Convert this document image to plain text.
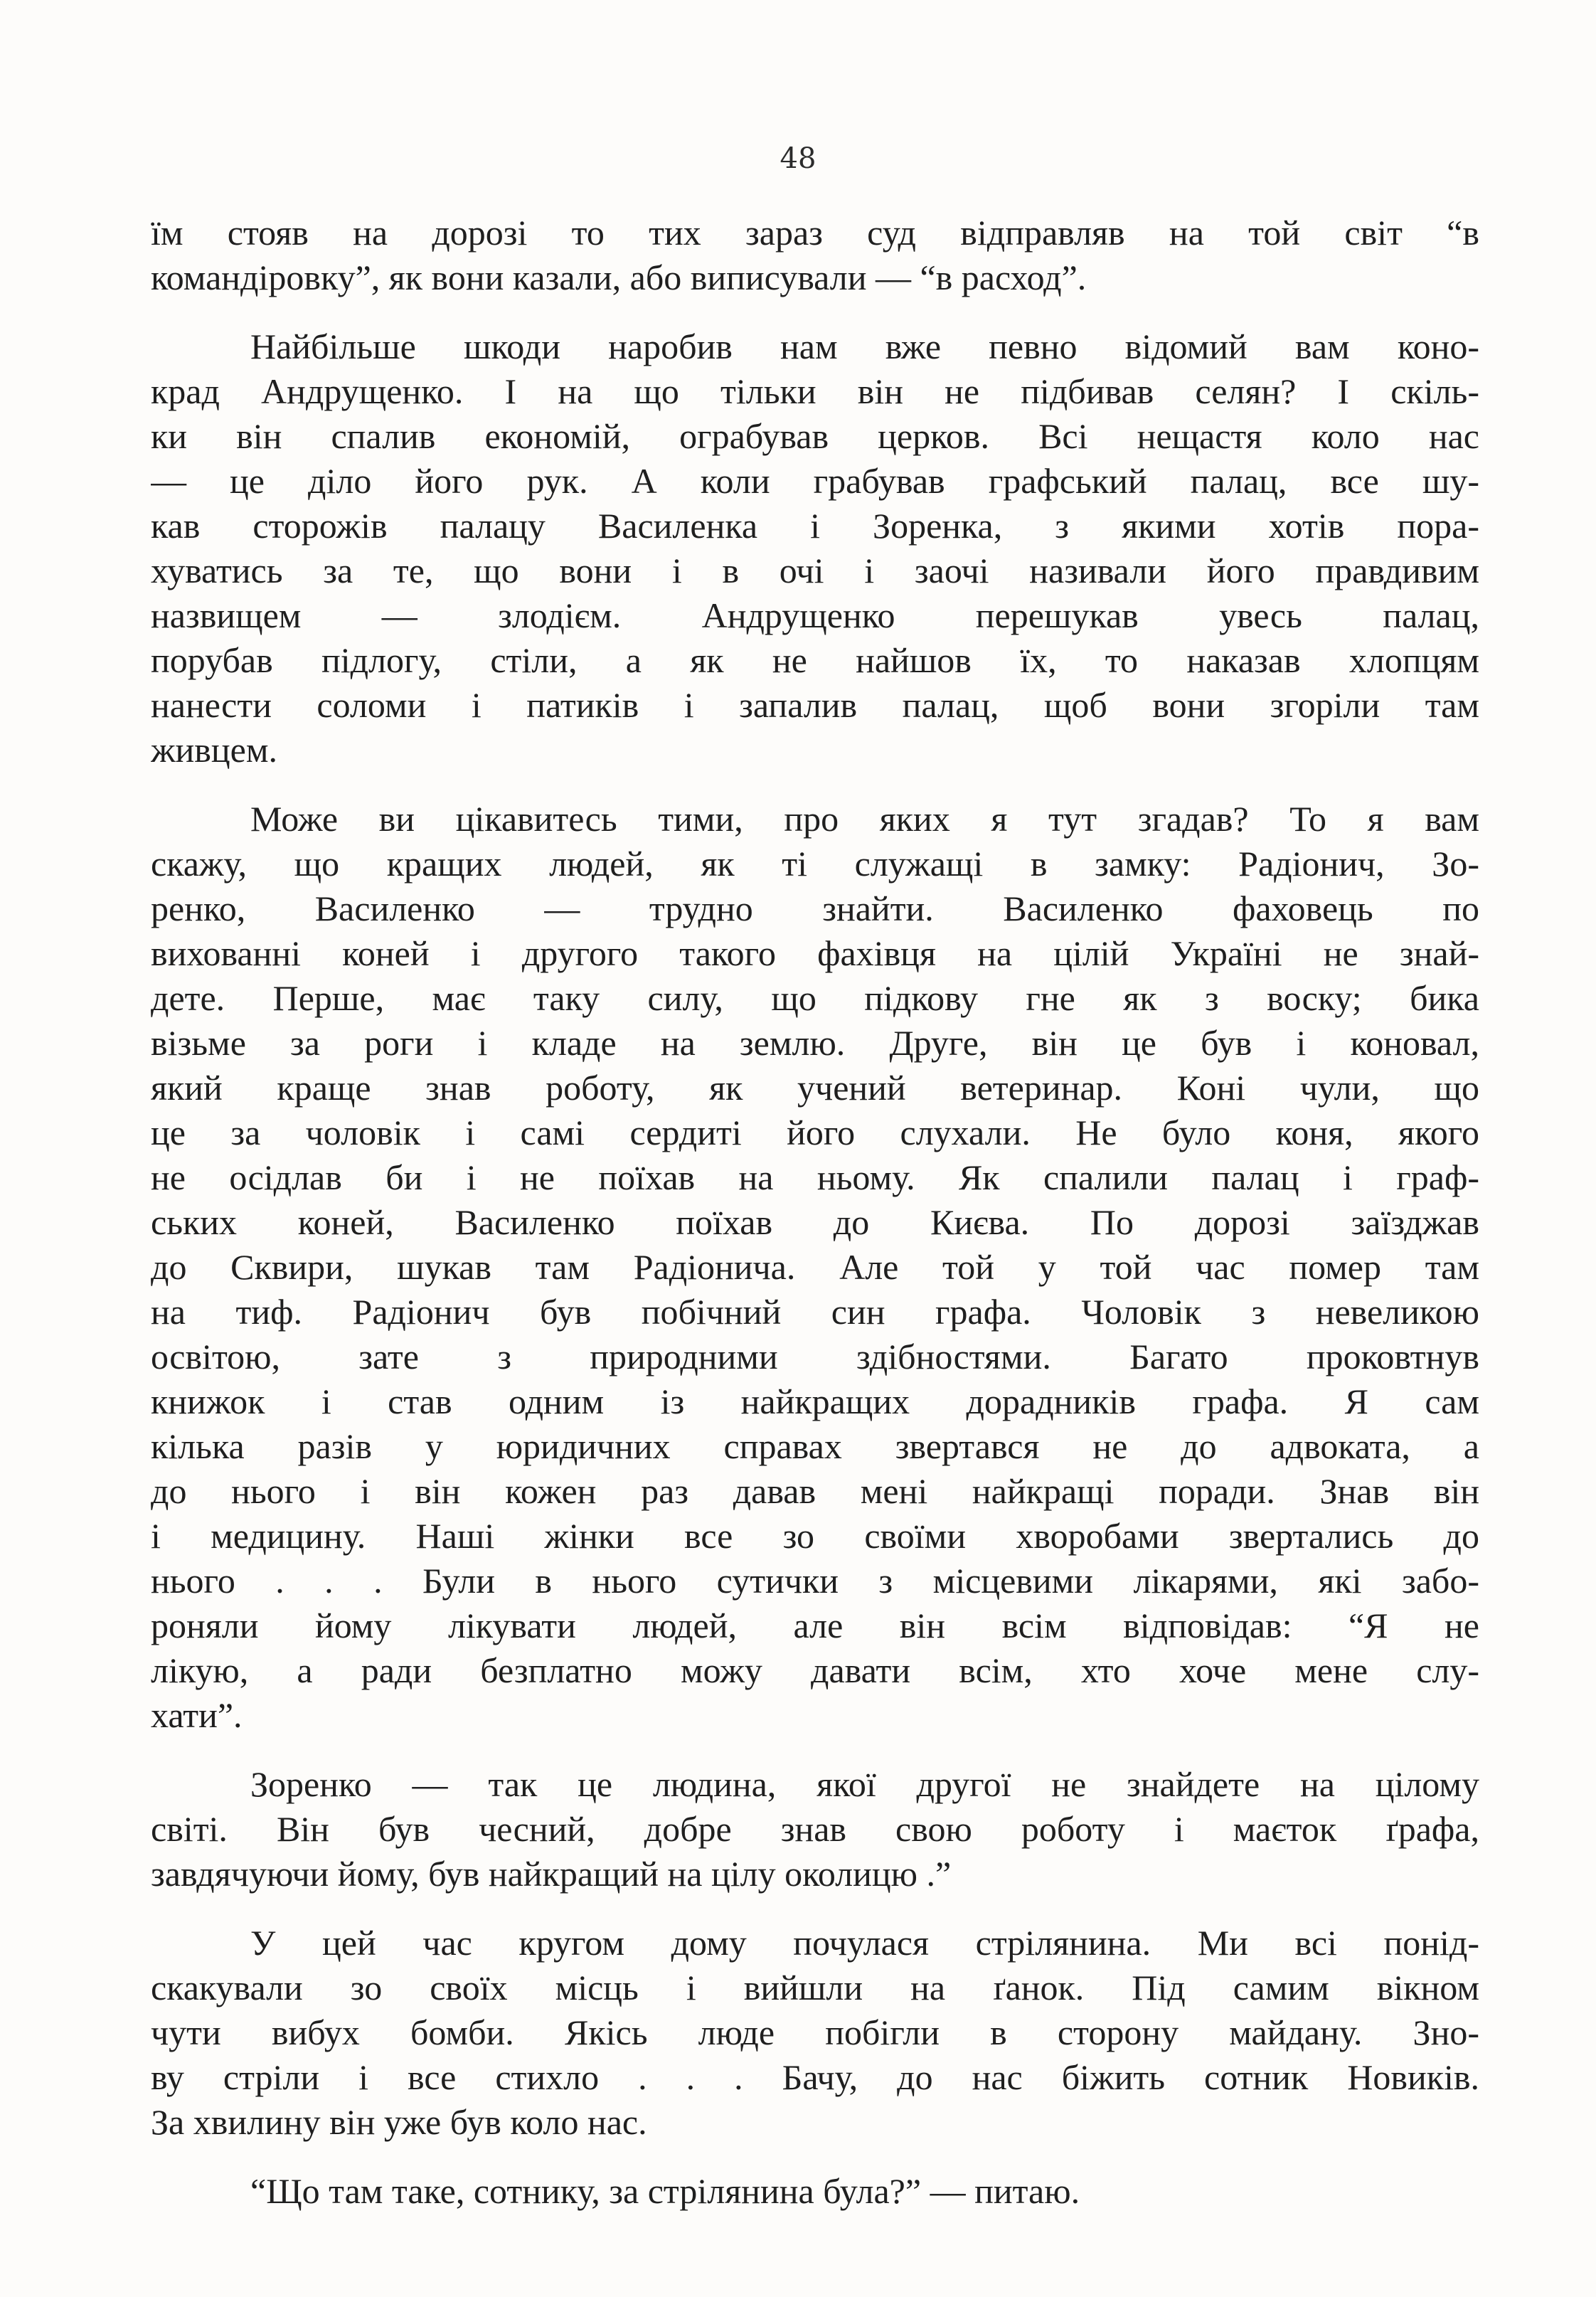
48
їм стояв на дорозі то тих зараз суд відправляв на той світ “в
командіровку”, як вони казали, або виписували — “в расход”.
Найбільше шкоди наробив нам вже певно відомий вам коно-
крад Андрущенко. І на що тільки він не підбивав селян? І скіль-
ки він спалив економій, ограбував церков. Всі нещастя коло нас
— це діло його рук. А коли грабував графський палац, все шу-
кав сторожів палацу Василенка і Зоренка, з якими хотів пора-
хуватись за те, що вони і в очі і заочі називали його правдивим
назвищем — злодієм. Андрущенко перешукав увесь палац,
порубав підлогу, стіли, а як не найшов їх, то наказав хлопцям
нанести соломи і патиків і запалив палац, щоб вони згоріли там
живцем.
Може ви цікавитесь тими, про яких я тут згадав? То я вам
скажу, що кращих людей, як ті служащі в замку: Радіонич, Зо-
ренко, Василенко — трудно знайти. Василенко фаховець по
вихованні коней і другого такого фахівця на цілій Україні не знай-
дете. Перше, має таку силу, що підкову гне як з воску; бика
візьме за роги і кладе на землю. Друге, він це був і коновал,
який краще знав роботу, як учений ветеринар. Коні чули, що
це за чоловік і самі сердиті його слухали. Не було коня, якого
не осідлав би і не поїхав на ньому. Як спалили палац і граф-
ських коней, Василенко поїхав до Києва. По дорозі заїзджав
до Сквири, шукав там Радіонича. Але той у той час помер там
на тиф. Радіонич був побічний син графа. Чоловік з невеликою
освітою, зате з природними здібностями. Багато проковтнув
книжок і став одним із найкращих дорадників графа. Я сам
кілька разів у юридичних справах звертався не до адвоката, а
до нього і він кожен раз давав мені найкращі поради. Знав він
і медицину. Наші жінки все зо своїми хворобами звертались до
нього . . . Були в нього сутички з місцевими лікарями, які забо-
роняли йому лікувати людей, але він всім відповідав: “Я не
лікую, а ради безплатно можу давати всім, хто хоче мене слу-
хати”.
Зоренко — так це людина, якої другої не знайдете на цілому
світі. Він був чесний, добре знав свою роботу і маєток ґрафа,
завдячуючи йому, був найкращий на цілу околицю .”
У цей час кругом дому почулася стрілянина. Ми всі понід-
скакували зо своїх місць і вийшли на ґанок. Під самим вікном
чути вибух бомби. Якісь люде побігли в сторону майдану. Зно-
ву стріли і все стихло . . . Бачу, до нас біжить сотник Новиків.
За хвилину він уже був коло нас.
“Що там таке, сотнику, за стрілянина була?” — питаю.
